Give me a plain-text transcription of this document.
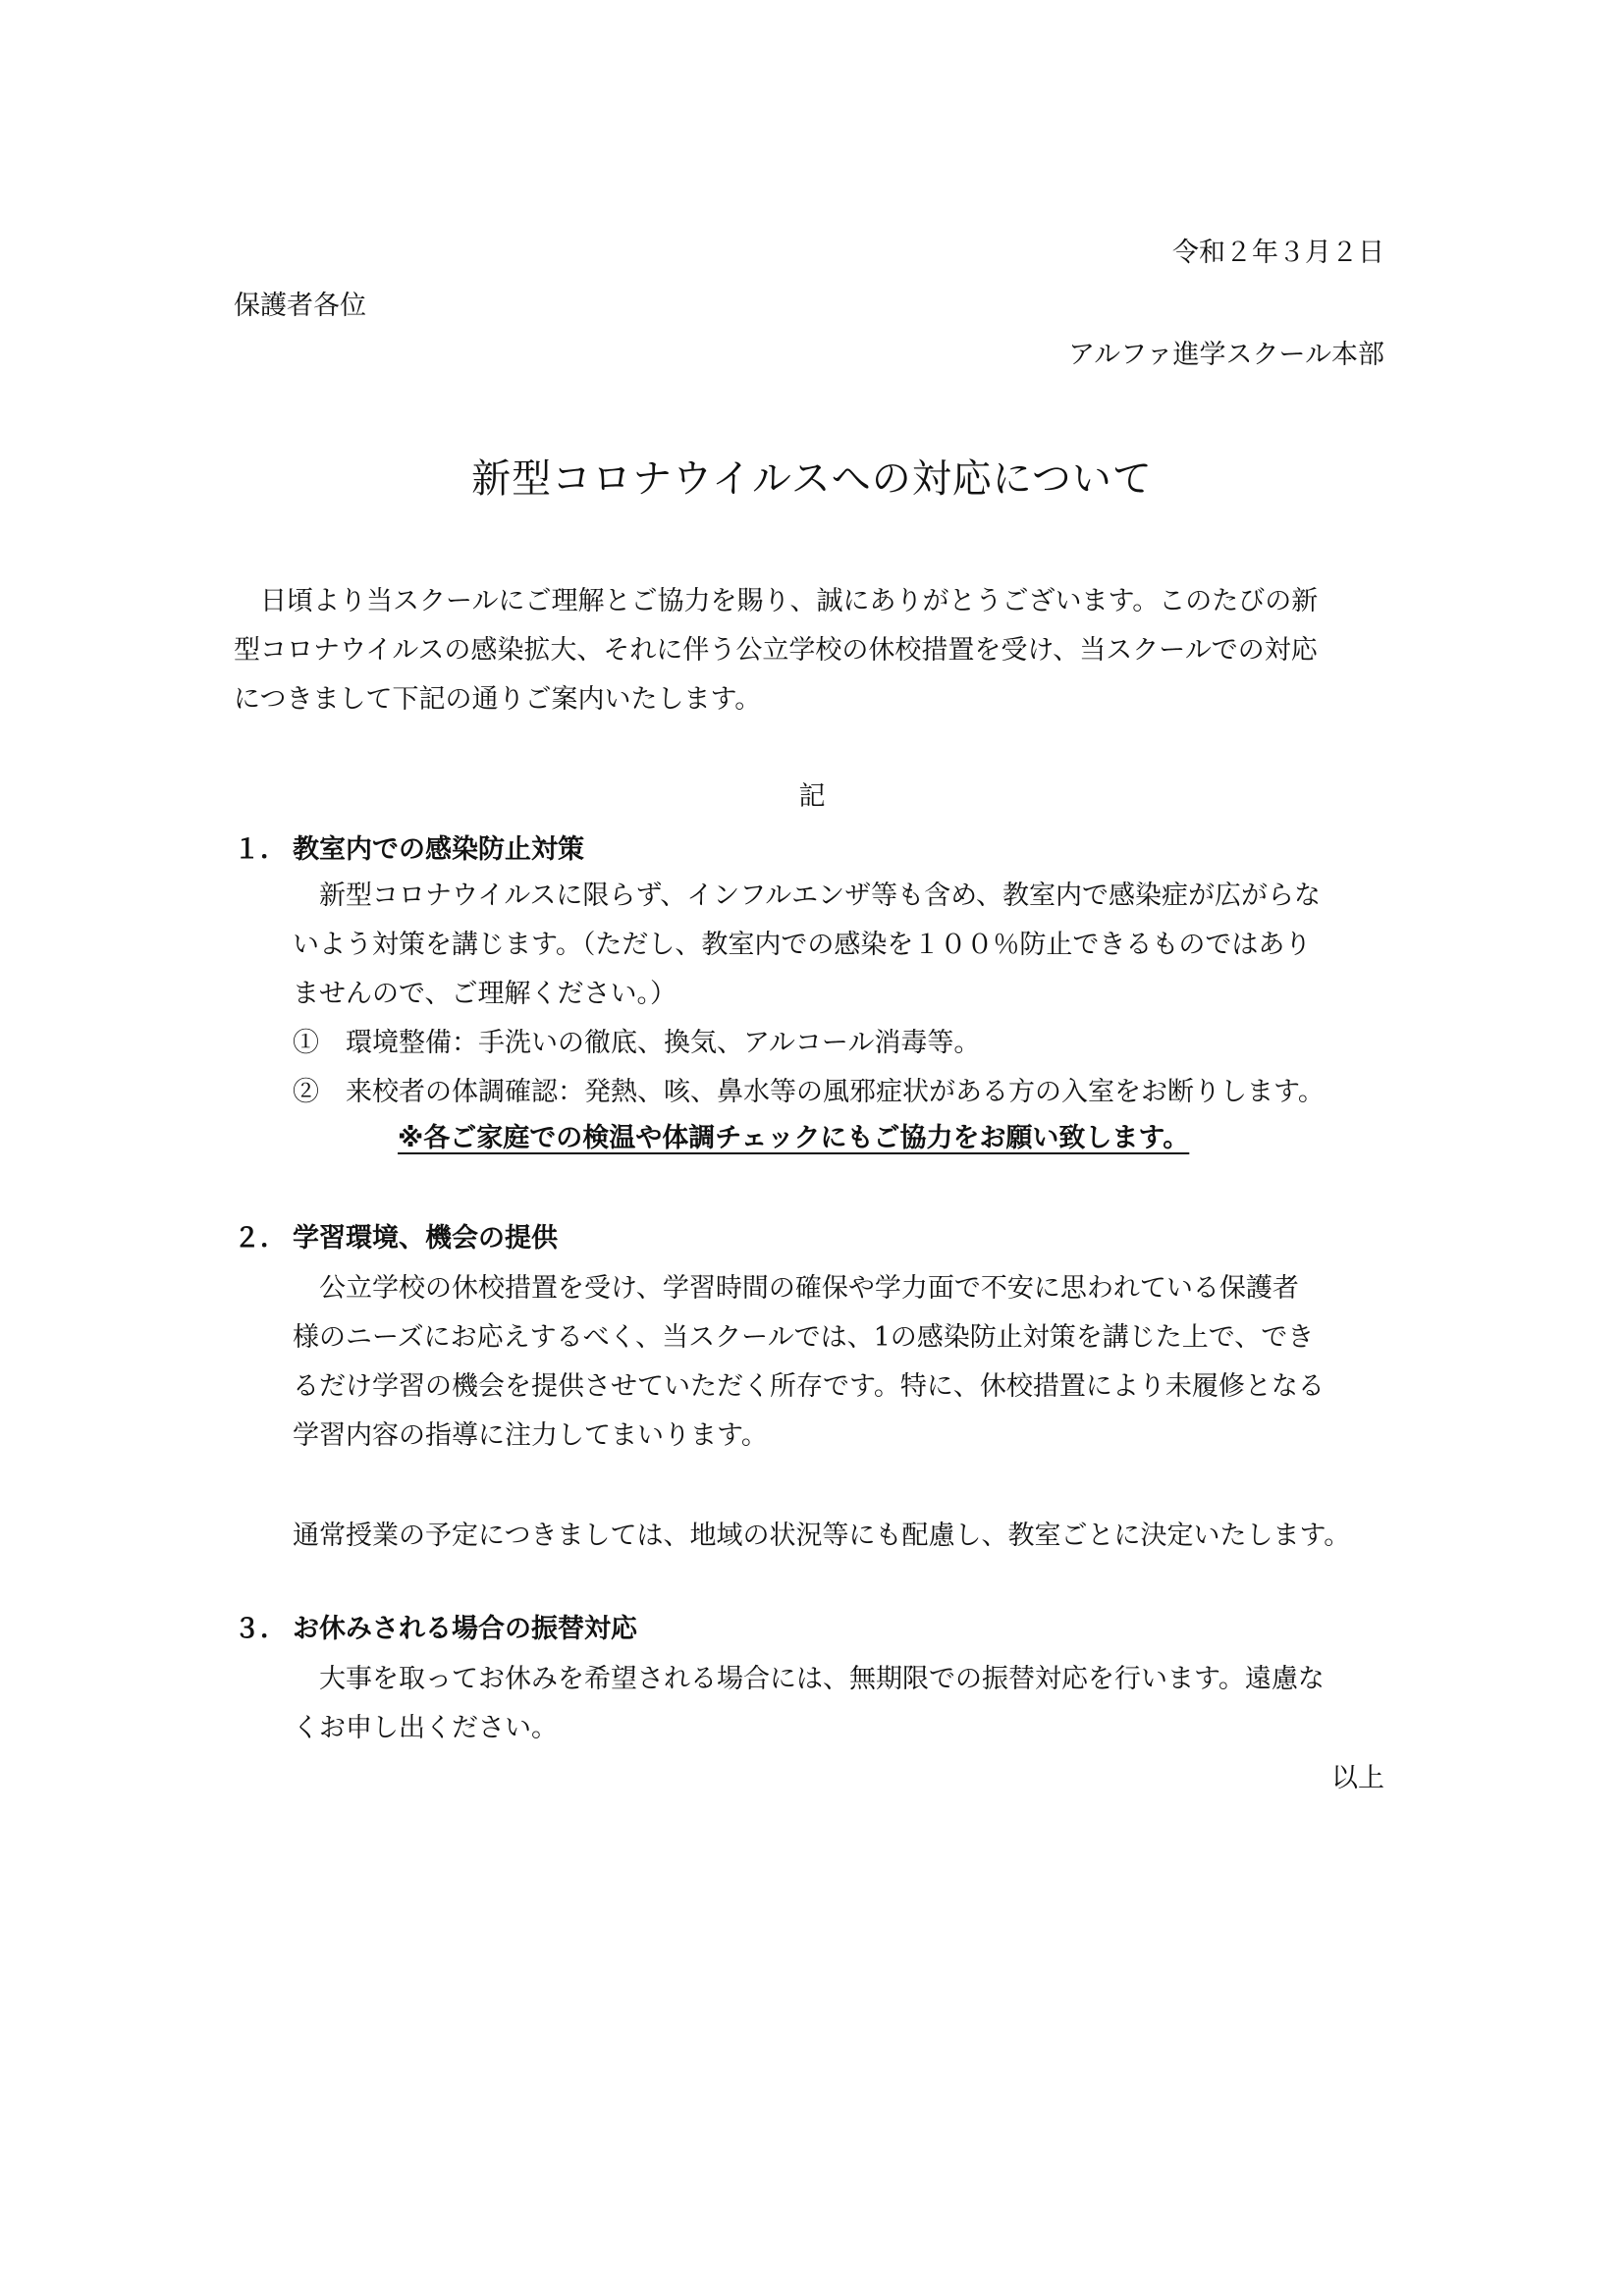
令和２年３月２日
保護者各位
アルファ進学スクール本部
新型コロナウイルスへの対応について
　日頃より当スクールにご理解とご協力を賜り、誠にありがとうございます。このたびの新
型コロナウイルスの感染拡大、それに伴う公立学校の休校措置を受け、当スクールでの対応
につきまして下記の通りご案内いたします。
記
１． 教室内での感染防止対策
　新型コロナウイルスに限らず、インフルエンザ等も含め、教室内で感染症が広がらな
いよう対策を講じます。（ただし、教室内での感染を１００％防止できるものではあり
ませんので、ご理解ください。）
①　環境整備：手洗いの徹底、換気、アルコール消毒等。
②　来校者の体調確認：発熱、咳、鼻水等の風邪症状がある方の入室をお断りします。
※各ご家庭での検温や体調チェックにもご協力をお願い致します。
２． 学習環境、機会の提供
　公立学校の休校措置を受け、学習時間の確保や学力面で不安に思われている保護者
様のニーズにお応えするべく、当スクールでは、1の感染防止対策を講じた上で、でき
るだけ学習の機会を提供させていただく所存です。特に、休校措置により未履修となる
学習内容の指導に注力してまいります。
通常授業の予定につきましては、地域の状況等にも配慮し、教室ごとに決定いたします。
３． お休みされる場合の振替対応
　大事を取ってお休みを希望される場合には、無期限での振替対応を行います。遠慮な
くお申し出ください。
以上
